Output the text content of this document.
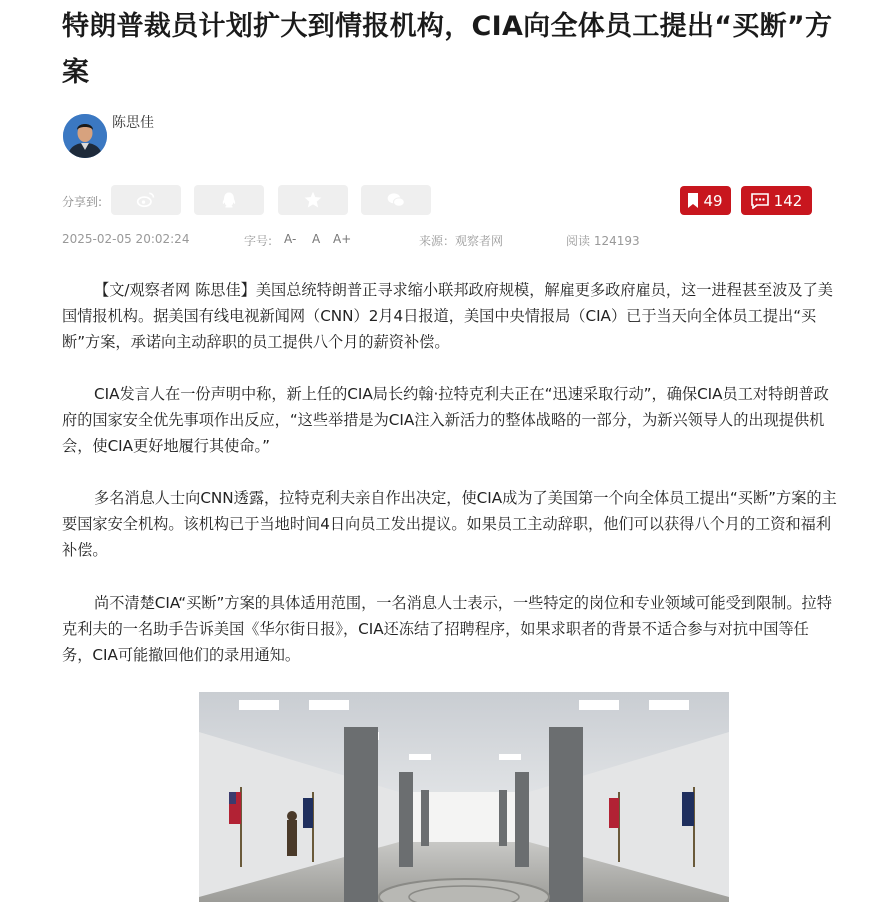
特朗普裁员计划扩大到情报机构，CIA向全体员工提出“买断”方案
陈思佳
分享到:	49	142
2025-02-05 20:02:24	字号: A- A A+	来源：观察者网	阅读 124193

【文/观察者网 陈思佳】美国总统特朗普正寻求缩小联邦政府规模，解雇更多政府雇员，这一进程甚至波及了美国情报机构。据美国有线电视新闻网（CNN）2月4日报道，美国中央情报局（CIA）已于当天向全体员工提出“买断”方案，承诺向主动辞职的员工提供八个月的薪资补偿。

CIA发言人在一份声明中称，新上任的CIA局长约翰·拉特克利夫正在“迅速采取行动”，确保CIA员工对特朗普政府的国家安全优先事项作出反应，“这些举措是为CIA注入新活力的整体战略的一部分，为新兴领导人的出现提供机会，使CIA更好地履行其使命。”

多名消息人士向CNN透露，拉特克利夫亲自作出决定，使CIA成为了美国第一个向全体员工提出“买断”方案的主要国家安全机构。该机构已于当地时间4日向员工发出提议。如果员工主动辞职，他们可以获得八个月的工资和福利补偿。

尚不清楚CIA“买断”方案的具体适用范围，一名消息人士表示，一些特定的岗位和专业领域可能受到限制。拉特克利夫的一名助手告诉美国《华尔街日报》，CIA还冻结了招聘程序，如果求职者的背景不适合参与对抗中国等任务，CIA可能撤回他们的录用通知。
